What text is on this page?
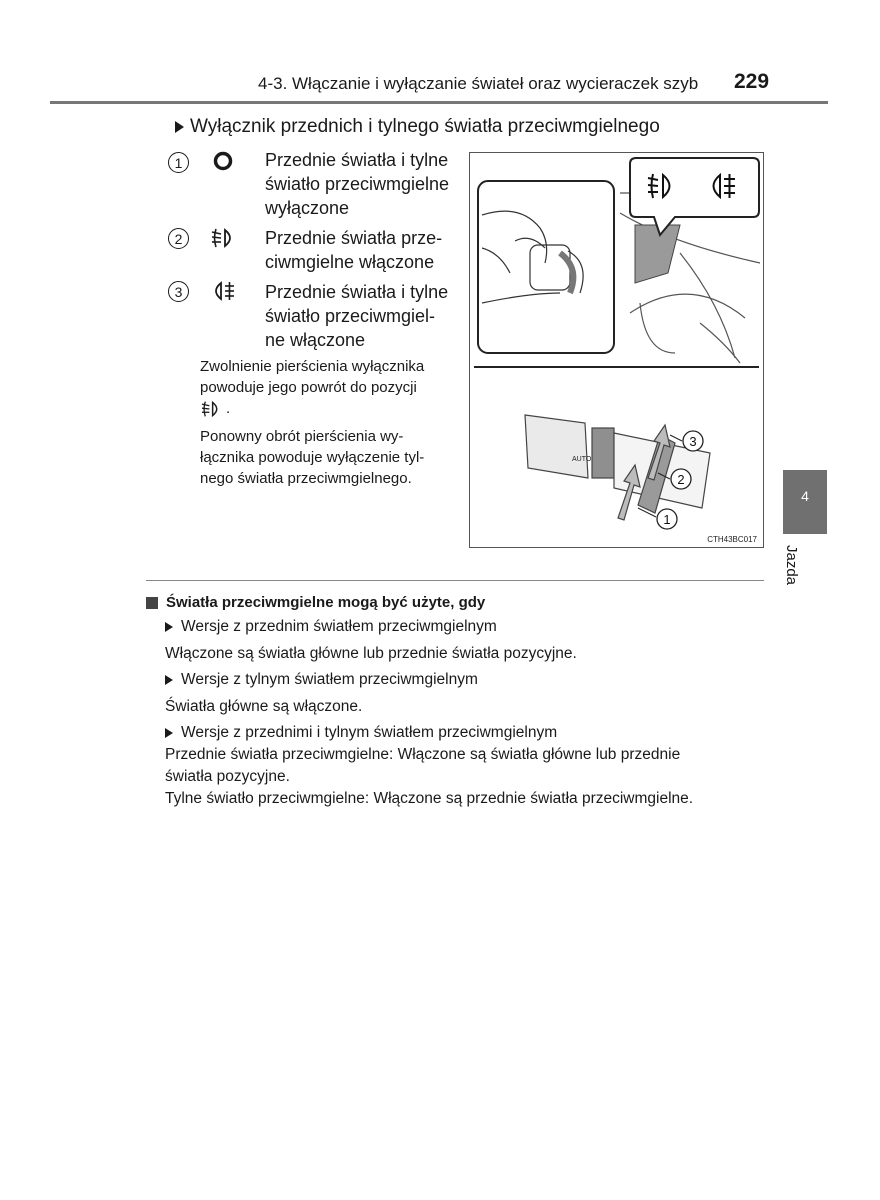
4-3. Włączanie i wyłączanie świateł oraz wycieraczek szyb 229
Wyłącznik przednich i tylnego światła przeciwmgielnego
1	Przednie światła i tylne
światło przeciwmgielne
wyłączone
2	Przednie światła prze-
ciwmgielne włączone
3	Przednie światła i tylne
światło przeciwmgiel-
ne włączone
Zwolnienie pierścienia wyłącznika
powoduje jego powrót do pozycji
.
Ponowny obrót pierścienia wy-
łącznika powoduje wyłączenie tyl-
nego światła przeciwmgielnego.
AUTO
1
2
3
CTH43BC017
4
Jazda
Światła przeciwmgielne mogą być użyte, gdy
Wersje z przednim światłem przeciwmgielnym
Włączone są światła główne lub przednie światła pozycyjne.
Wersje z tylnym światłem przeciwmgielnym
Światła główne są włączone.
Wersje z przednimi i tylnym światłem przeciwmgielnym
Przednie światła przeciwmgielne: Włączone są światła główne lub przednie
światła pozycyjne.
Tylne światło przeciwmgielne: Włączone są przednie światła przeciwmgielne.
